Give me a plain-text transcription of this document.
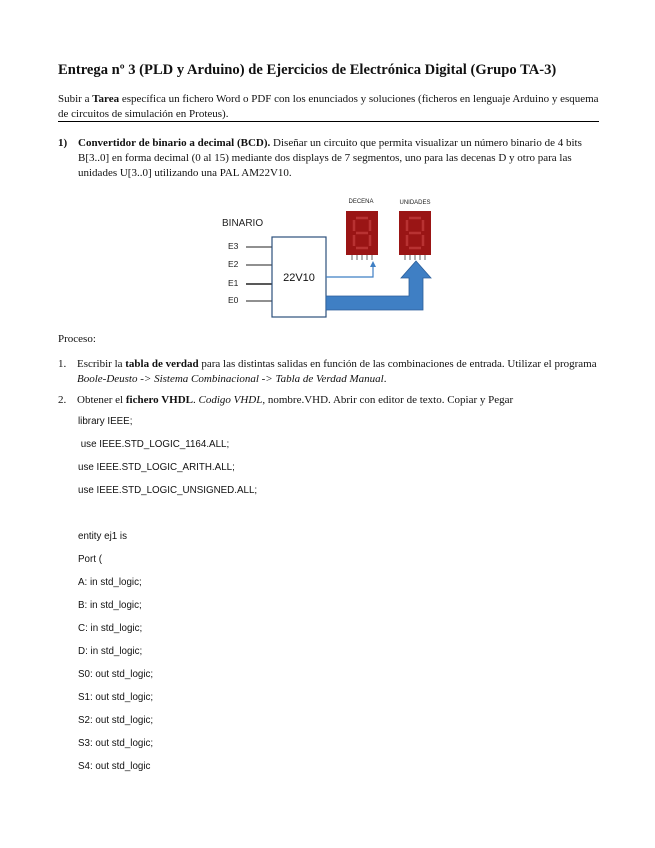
Entrega nº 3 (PLD y Arduino) de Ejercicios de Electrónica Digital (Grupo TA-3)
Subir a Tarea específica un fichero Word o PDF con los enunciados y soluciones (ficheros en lenguaje Arduino y esquema de circuitos de simulación en Proteus).
1) Convertidor de binario a decimal (BCD). Diseñar un circuito que permita visualizar un número binario de 4 bits B[3..0] en forma decimal (0 al 15) mediante dos displays de 7 segmentos, uno para las decenas D y otro para las unidades U[3..0] utilizando una PAL AM22V10.
BINARIO
E3
E2
E1
E0
22V10
DECENA	UNIDADES
Proceso:
1. Escribir la tabla de verdad para las distintas salidas en función de las combinaciones de entrada. Utilizar el programa Boole-Deusto -> Sistema Combinacional -> Tabla de Verdad Manual.
2. Obtener el fichero VHDL. Codigo VHDL, nombre.VHD. Abrir con editor de texto. Copiar y Pegar
library IEEE;
use IEEE.STD_LOGIC_1164.ALL;
use IEEE.STD_LOGIC_ARITH.ALL;
use IEEE.STD_LOGIC_UNSIGNED.ALL;
entity ej1 is
Port (
A: in std_logic;
B: in std_logic;
C: in std_logic;
D: in std_logic;
S0: out std_logic;
S1: out std_logic;
S2: out std_logic;
S3: out std_logic;
S4: out std_logic
